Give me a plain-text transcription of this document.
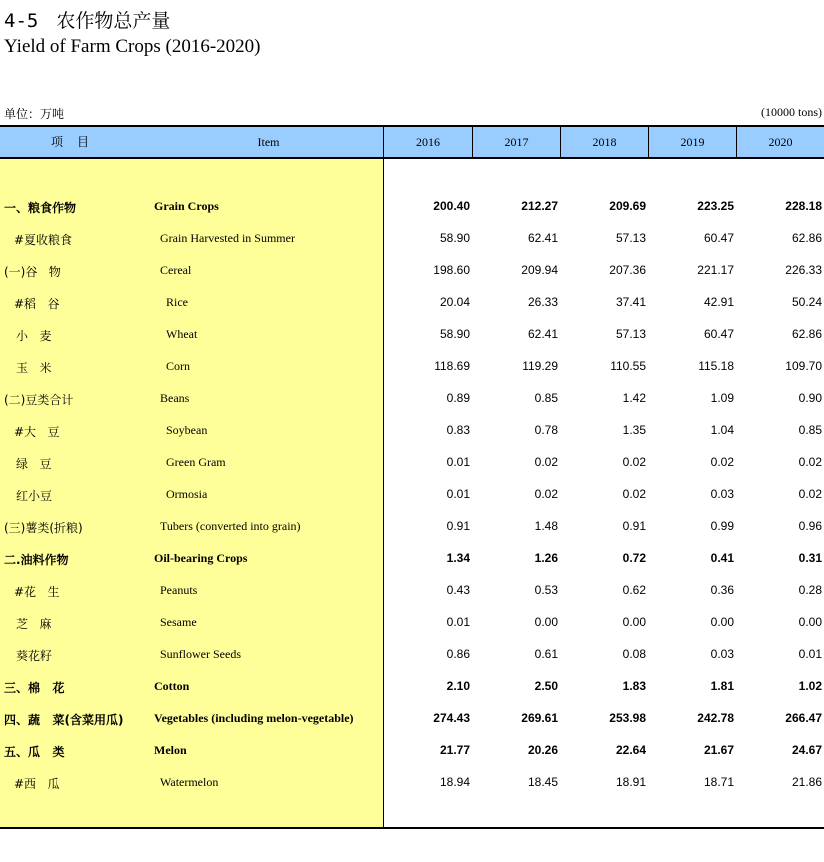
4-5 农作物总产量
Yield of Farm Crops (2016-2020)
单位：万吨	(10000 tons)
项目	Item	2016	2017	2018	2019	2020
一、粮食作物	Grain Crops	200.40	212.27	209.69	223.25	228.18
#夏收粮食	Grain Harvested in Summer	58.90	62.41	57.13	60.47	62.86
(一)谷   物	Cereal	198.60	209.94	207.36	221.17	226.33
#稻   谷	Rice	20.04	26.33	37.41	42.91	50.24
小   麦	Wheat	58.90	62.41	57.13	60.47	62.86
玉   米	Corn	118.69	119.29	110.55	115.18	109.70
(二)豆类合计	Beans	0.89	0.85	1.42	1.09	0.90
#大   豆	Soybean	0.83	0.78	1.35	1.04	0.85
绿   豆	Green Gram	0.01	0.02	0.02	0.02	0.02
红小豆	Ormosia	0.01	0.02	0.02	0.03	0.02
(三)薯类(折粮)	Tubers (converted into grain)	0.91	1.48	0.91	0.99	0.96
二.油料作物	Oil-bearing Crops	1.34	1.26	0.72	0.41	0.31
#花   生	Peanuts	0.43	0.53	0.62	0.36	0.28
芝   麻	Sesame	0.01	0.00	0.00	0.00	0.00
葵花籽	Sunflower Seeds	0.86	0.61	0.08	0.03	0.01
三、棉   花	Cotton	2.10	2.50	1.83	1.81	1.02
四、蔬   菜(含菜用瓜)	Vegetables (including melon-vegetable)	274.43	269.61	253.98	242.78	266.47
五、瓜   类	Melon	21.77	20.26	22.64	21.67	24.67
#西   瓜	Watermelon	18.94	18.45	18.91	18.71	21.86
